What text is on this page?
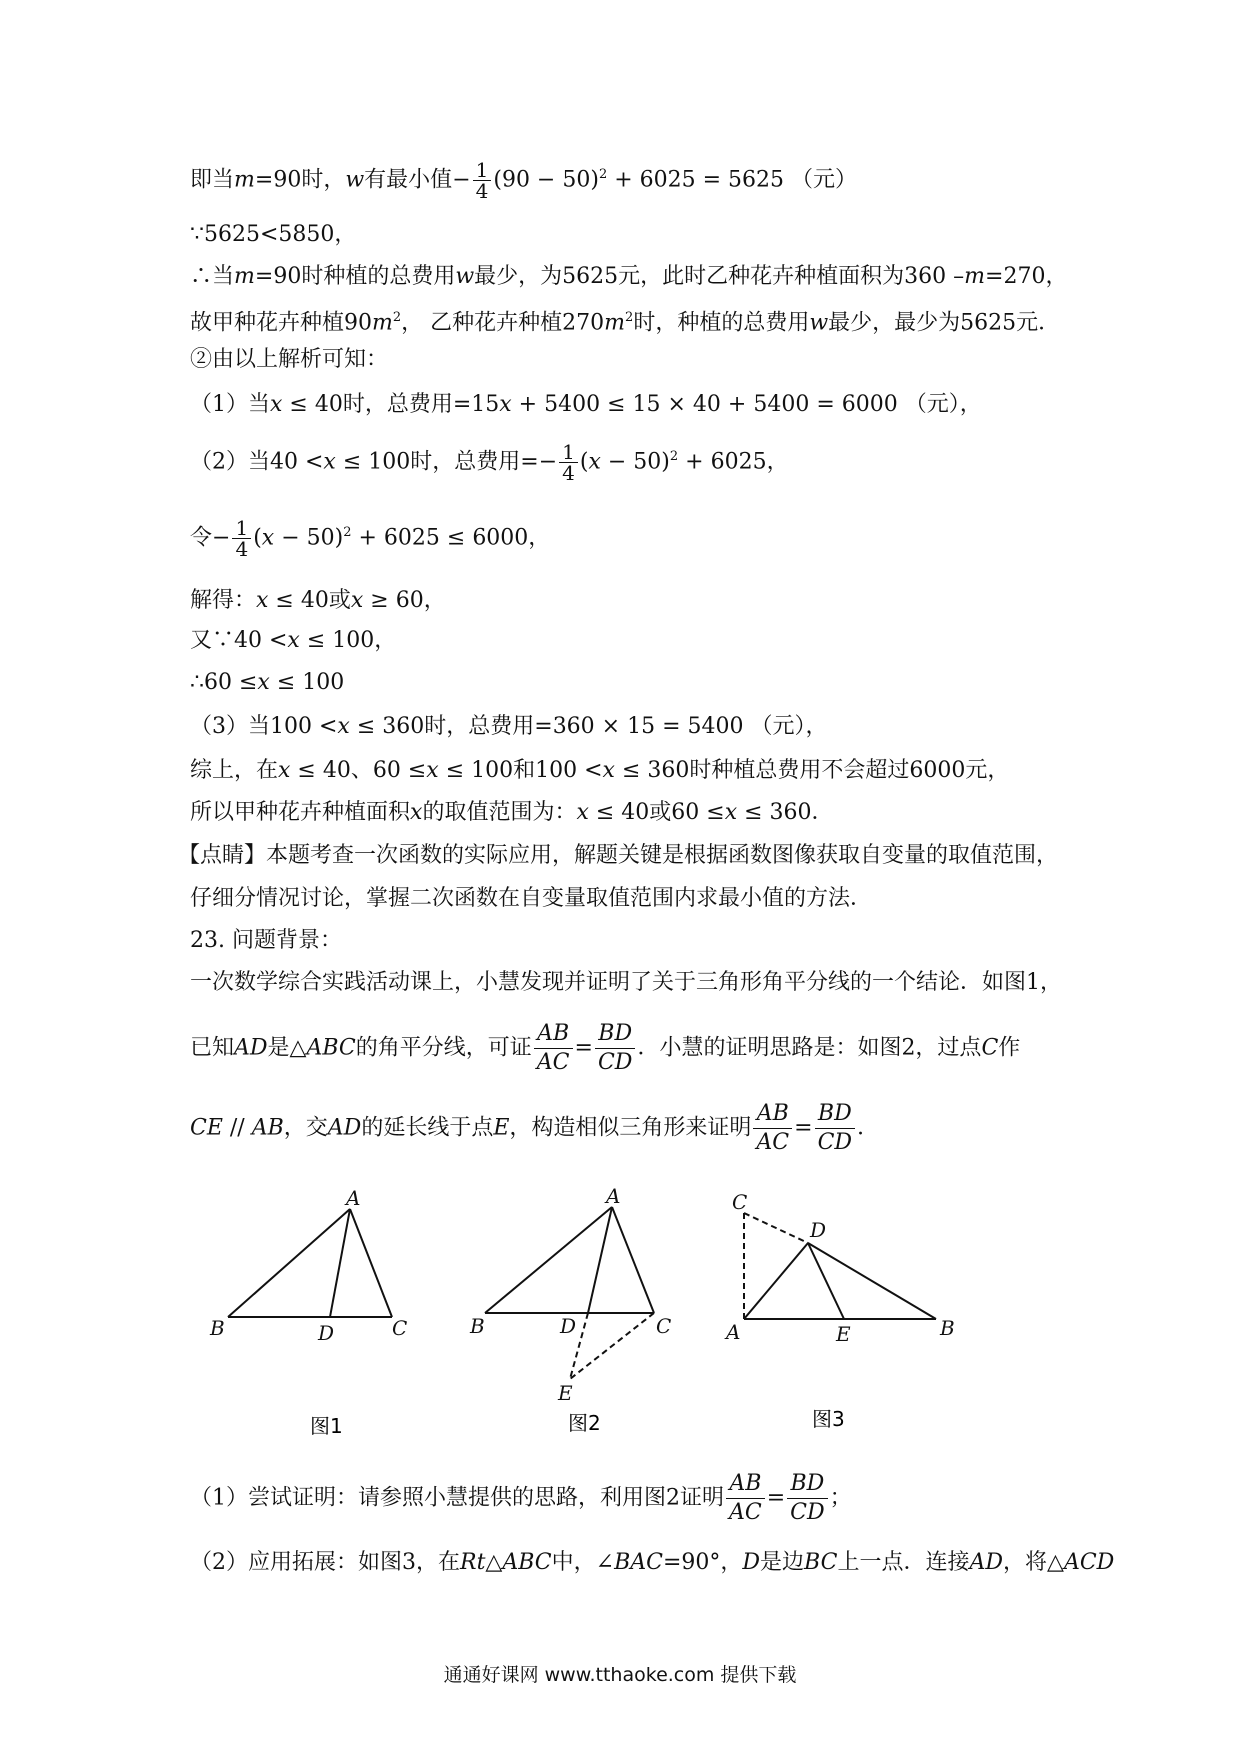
即当m=90时，w有最小值− $\frac{1}{4} (90 - 50)^2 + 6025 = 5625$ （元）
∵5625<5850，
∴当m=90时种植的总费用w最少，为5625元，此时乙种花卉种植面积为360 –m=270，
故甲种花卉种植$90m^2$， 乙种花卉种植$270m^2$时，种植的总费用w最少，最少为5625元．
②由以上解析可知：
（1）当x ≤ 40时，总费用=15x + 5400 ≤ 15 × 40 + 5400 = 6000 （元），
（2）当40 <x ≤ 100时，总费用=− $\frac{1}{4} (x - 50)^2 + 6025$，
令− $\frac{1}{4} (x - 50)^2 + 6025 \le 6000$，
解得：x ≤ 40或x ≥ 60，
又∵40 <x ≤ 100，
∴60 ≤x ≤ 100
（3）当100 <x ≤ 360时，总费用=360 × 15 = 5400 （元），
综上，在x ≤ 40、60 ≤x ≤ 100和100 <x ≤ 360时种植总费用不会超过6000元，
所以甲种花卉种植面积x的取值范围为：x ≤ 40或60 ≤x ≤ 360．
【点睛】本题考查一次函数的实际应用，解题关键是根据函数图像获取自变量的取值范围，
仔细分情况讨论，掌握二次函数在自变量取值范围内求最小值的方法．
23. 问题背景：
一次数学综合实践活动课上，小慧发现并证明了关于三角形角平分线的一个结论．如图1，
已知AD是△ABC的角平分线，可证 $\frac{AB}{AC} = \frac{BD}{CD}$ ．小慧的证明思路是：如图2，过点C作
CE // AB，交AD的延长线于点E，构造相似三角形来证明 $\frac{AB}{AC} = \frac{BD}{CD}$ ．
A
B	D	C
图1
A
B	D	C
E
图2
C
D
A	E	B
图3
（1）尝试证明：请参照小慧提供的思路，利用图2证明 $\frac{AB}{AC} = \frac{BD}{CD}$ ；
（2）应用拓展：如图3，在Rt△ABC中，∠BAC=90°，D是边BC上一点．连接AD，将△ACD
通通好课网 www.tthaoke.com 提供下载
